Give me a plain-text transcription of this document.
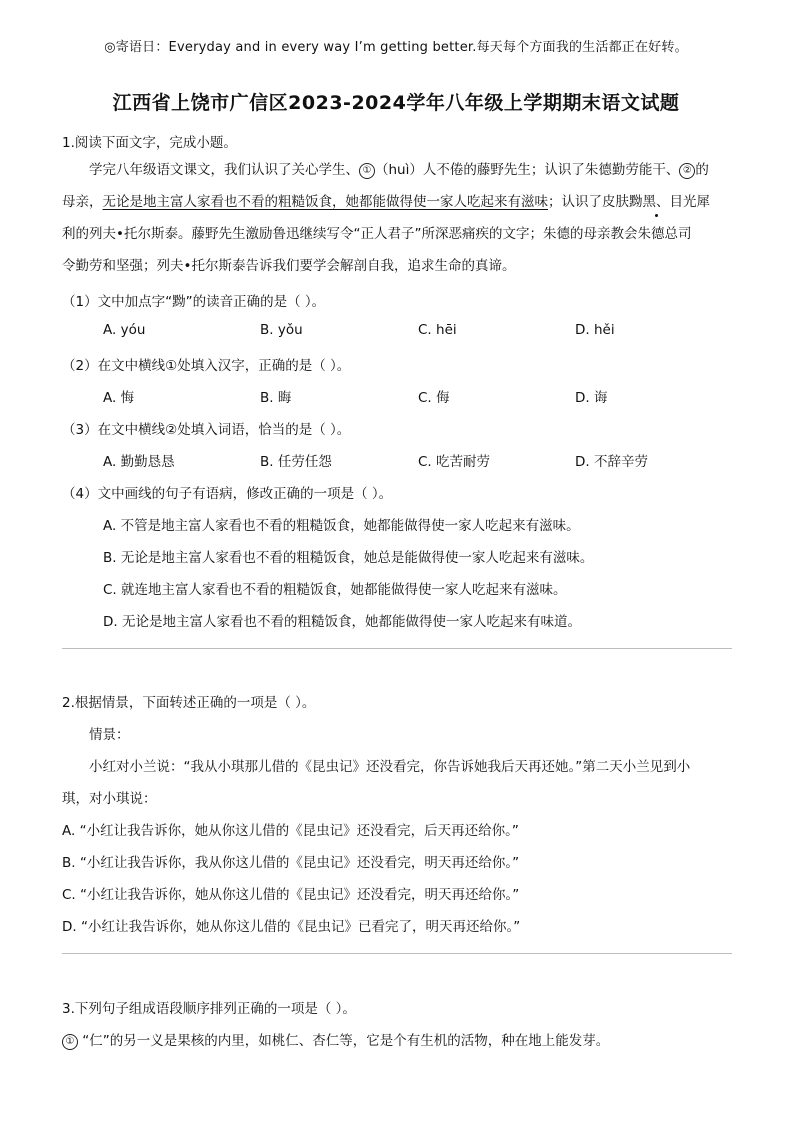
◎寄语日：Everyday and in every way I’m getting better.每天每个方面我的生活都正在好转。
江西省上饶市广信区2023-2024学年八年级上学期期末语文试题
1.阅读下面文字，完成小题。
学完八年级语文课文，我们认识了关心学生、 ① （huì）人不倦的藤野先生；认识了朱德勤劳能干、 ② 的
母亲，无论是地主富人家看也不看的粗糙饭食，她都能做得使一家人吃起来有滋味；认识了皮肤黝黑、目光犀
利的列夫•托尔斯泰。藤野先生激励鲁迅继续写令“正人君子”所深恶痛疾的文字；朱德的母亲教会朱德总司
令勤劳和坚强；列夫•托尔斯泰告诉我们要学会解剖自我，追求生命的真谛。
（1）文中加点字“黝”的读音正确的是（ ）。
A. yóu	B. yǒu	C. hēi	D. hěi
（2）在文中横线①处填入汉字，正确的是（ ）。
A. 悔	B. 晦	C. 侮	D. 诲
（3）在文中横线②处填入词语，恰当的是（ ）。
A. 勤勤恳恳	B. 任劳任怨	C. 吃苦耐劳	D. 不辞辛劳
（4）文中画线的句子有语病，修改正确的一项是（ ）。
A. 不管是地主富人家看也不看的粗糙饭食，她都能做得使一家人吃起来有滋味。
B. 无论是地主富人家看也不看的粗糙饭食，她总是能做得使一家人吃起来有滋味。
C. 就连地主富人家看也不看的粗糙饭食，她都能做得使一家人吃起来有滋味。
D. 无论是地主富人家看也不看的粗糙饭食，她都能做得使一家人吃起来有味道。
2.根据情景，下面转述正确的一项是（ ）。
情景：
小红对小兰说：“我从小琪那儿借的《昆虫记》还没看完，你告诉她我后天再还她。”第二天小兰见到小
琪，对小琪说：
A. “小红让我告诉你，她从你这儿借的《昆虫记》还没看完，后天再还给你。”
B. “小红让我告诉你，我从你这儿借的《昆虫记》还没看完，明天再还给你。”
C. “小红让我告诉你，她从你这儿借的《昆虫记》还没看完，明天再还给你。”
D. “小红让我告诉你，她从你这儿借的《昆虫记》已看完了，明天再还给你。”
3.下列句子组成语段顺序排列正确的一项是（ ）。
① “仁”的另一义是果核的内里，如桃仁、杏仁等，它是个有生机的活物，种在地上能发芽。
